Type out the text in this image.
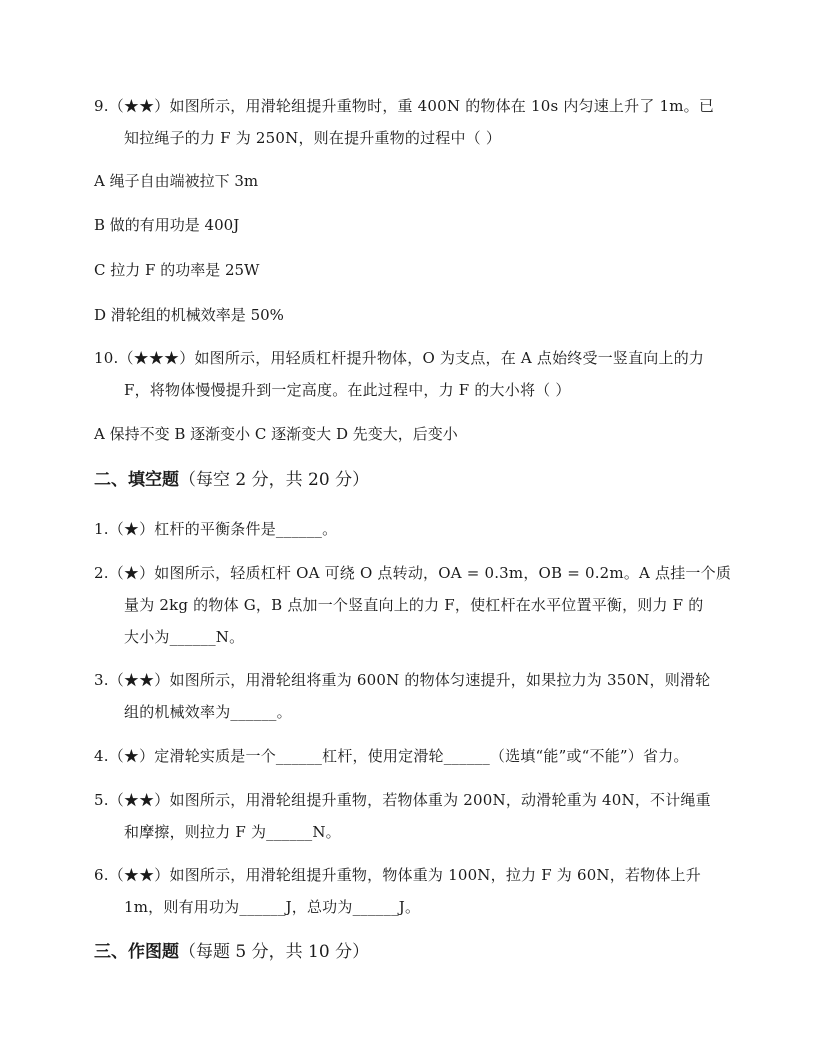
9.（★★）如图所示，用滑轮组提升重物时，重 400N 的物体在 10s 内匀速上升了 1m。已
知拉绳子的力 F 为 250N，则在提升重物的过程中（ ）
A 绳子自由端被拉下 3m
B 做的有用功是 400J
C 拉力 F 的功率是 25W
D 滑轮组的机械效率是 50%
10.（★★★）如图所示，用轻质杠杆提升物体，O 为支点，在 A 点始终受一竖直向上的力
F，将物体慢慢提升到一定高度。在此过程中，力 F 的大小将（ ）
A 保持不变 B 逐渐变小 C 逐渐变大 D 先变大，后变小
二、填空题（每空 2 分，共 20 分）
1.（★）杠杆的平衡条件是______。
2.（★）如图所示，轻质杠杆 OA 可绕 O 点转动，OA = 0.3m，OB = 0.2m。A 点挂一个质
量为 2kg 的物体 G，B 点加一个竖直向上的力 F，使杠杆在水平位置平衡，则力 F 的
大小为______N。
3.（★★）如图所示，用滑轮组将重为 600N 的物体匀速提升，如果拉力为 350N，则滑轮
组的机械效率为______。
4.（★）定滑轮实质是一个______杠杆，使用定滑轮______（选填“能”或“不能”）省力。
5.（★★）如图所示，用滑轮组提升重物，若物体重为 200N，动滑轮重为 40N，不计绳重
和摩擦，则拉力 F 为______N。
6.（★★）如图所示，用滑轮组提升重物，物体重为 100N，拉力 F 为 60N，若物体上升
1m，则有用功为______J，总功为______J。
三、作图题（每题 5 分，共 10 分）
